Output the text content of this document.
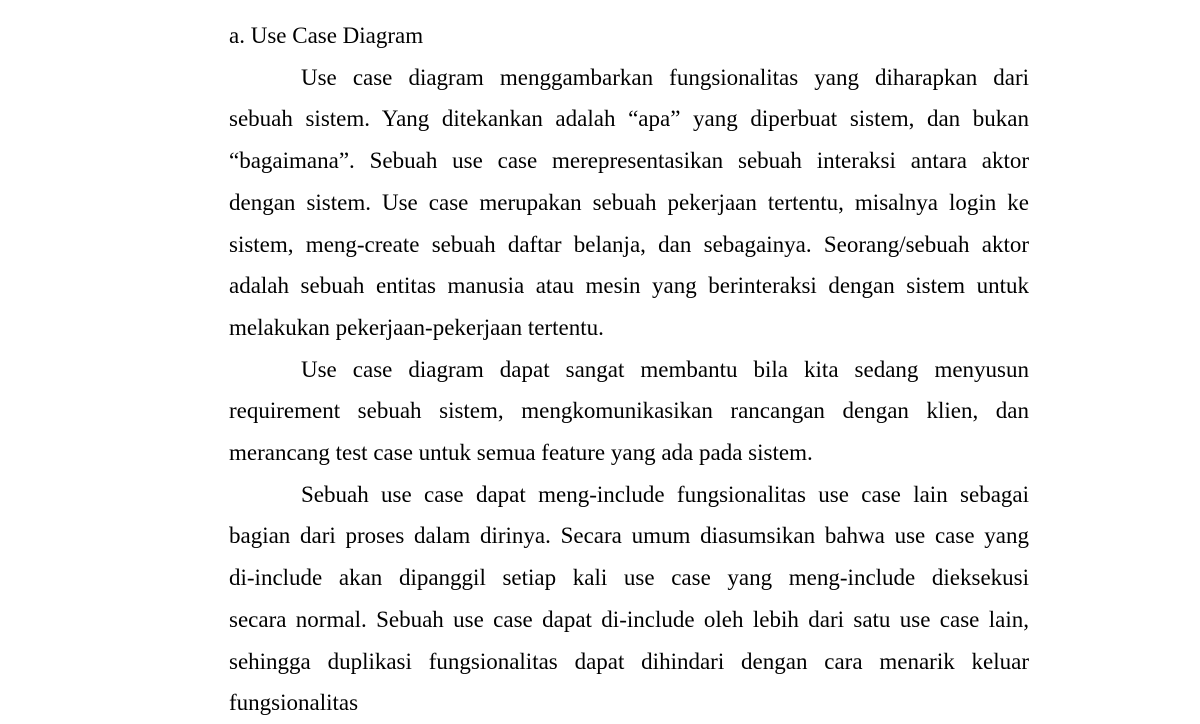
a. Use Case Diagram
Use case diagram menggambarkan fungsionalitas yang diharapkan dari
sebuah sistem. Yang ditekankan adalah “apa” yang diperbuat sistem, dan bukan
“bagaimana”. Sebuah use case merepresentasikan sebuah interaksi antara aktor
dengan sistem. Use case merupakan sebuah pekerjaan tertentu, misalnya login ke
sistem, meng-create sebuah daftar belanja, dan sebagainya. Seorang/sebuah aktor
adalah sebuah entitas manusia atau mesin yang berinteraksi dengan sistem untuk
melakukan pekerjaan-pekerjaan tertentu.
Use case diagram dapat sangat membantu bila kita sedang menyusun
requirement sebuah sistem, mengkomunikasikan rancangan dengan klien, dan
merancang test case untuk semua feature yang ada pada sistem.
Sebuah use case dapat meng-include fungsionalitas use case lain sebagai
bagian dari proses dalam dirinya. Secara umum diasumsikan bahwa use case yang
di-include akan dipanggil setiap kali use case yang meng-include dieksekusi
secara normal. Sebuah use case dapat di-include oleh lebih dari satu use case lain,
sehingga duplikasi fungsionalitas dapat dihindari dengan cara menarik keluar
fungsionalitas
